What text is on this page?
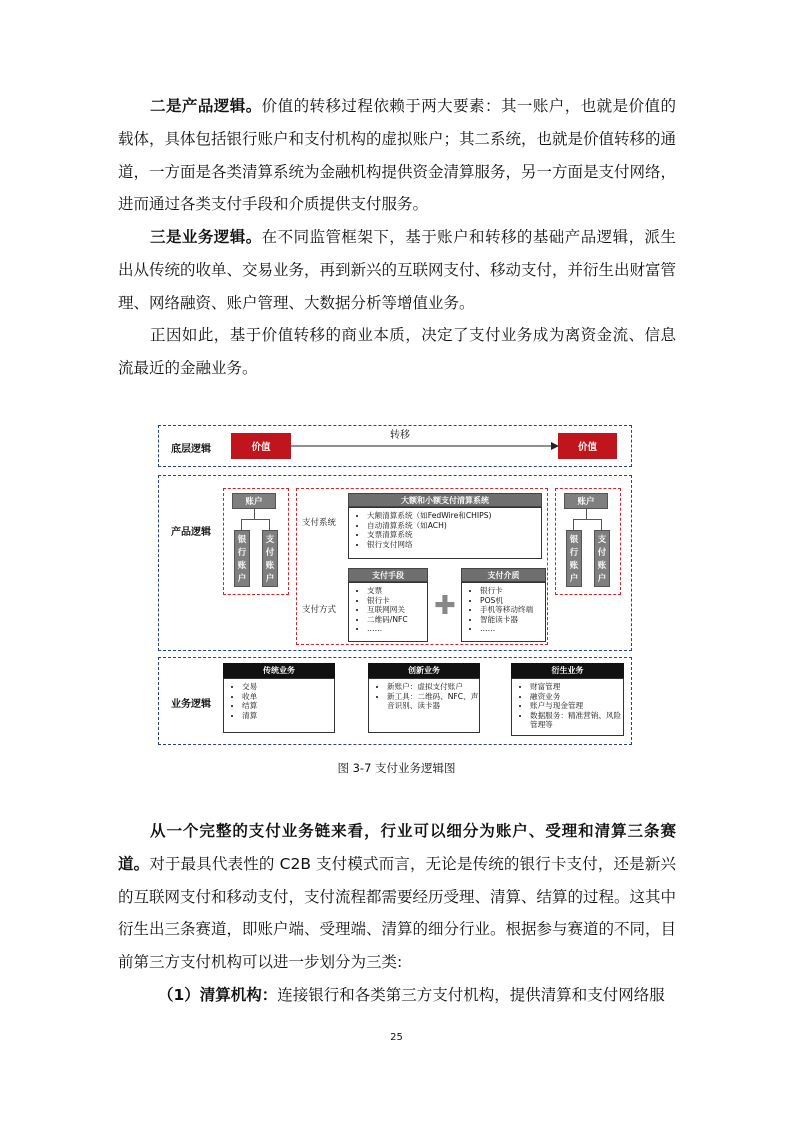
二是产品逻辑。价值的转移过程依赖于两大要素：其一账户，也就是价值的载体，具体包括银行账户和支付机构的虚拟账户；其二系统，也就是价值转移的通道，一方面是各类清算系统为金融机构提供资金清算服务，另一方面是支付网络，进而通过各类支付手段和介质提供支付服务。
三是业务逻辑。在不同监管框架下，基于账户和转移的基础产品逻辑，派生出从传统的收单、交易业务，再到新兴的互联网支付、移动支付，并衍生出财富管理、网络融资、账户管理、大数据分析等增值业务。
正因如此，基于价值转移的商业本质，决定了支付业务成为离资金流、信息流最近的金融业务。
底层逻辑	价值	价值
转移
产品逻辑
账户
银行账户
支付账户
支付系统
支付方式
大额和小额支付清算系统
• 大额清算系统（如FedWire和CHIPS)
• 自动清算系统（如ACH)
• 支票清算系统
• 银行支付网络
支付手段
• 支票
• 银行卡
• 互联网网关
• 二维码/NFC
• ……
✚
支付介质
• 银行卡
• POS机
• 手机等移动终端
• 智能读卡器
• ……
账户
银行账户
支付账户
业务逻辑
传统业务
• 交易
• 收单
• 结算
• 清算
创新业务
• 新账户：虚拟支付账户
• 新工具：二维码、NFC、声音识别、读卡器
衍生业务
• 财富管理
• 融资业务
• 账户与现金管理
• 数据服务：精准营销、风险管理等
图 3-7 支付业务逻辑图
从一个完整的支付业务链来看，行业可以细分为账户、受理和清算三条赛道。对于最具代表性的 C2B 支付模式而言，无论是传统的银行卡支付，还是新兴的互联网支付和移动支付，支付流程都需要经历受理、清算、结算的过程。这其中衍生出三条赛道，即账户端、受理端、清算的细分行业。根据参与赛道的不同，目前第三方支付机构可以进一步划分为三类:
（1）清算机构：连接银行和各类第三方支付机构，提供清算和支付网络服
25
